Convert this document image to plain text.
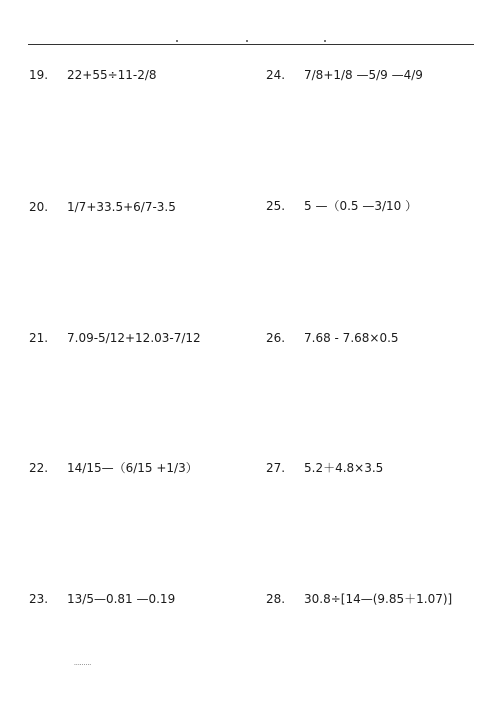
19. 22+55÷11-2/8
20. 1/7+33.5+6/7-3.5
21. 7.09-5/12+12.03-7/12
22. 14/15—（6/15 +1/3）
23. 13/5—0.81 —0.19
24. 7/8+1/8 —5/9 —4/9
25. 5 —（0.5 —3/10 ）
26. 7.68 - 7.68×0.5
27. 5.2＋4.8×3.5
28. 30.8÷[14—(9.85＋1.07)]
.........
